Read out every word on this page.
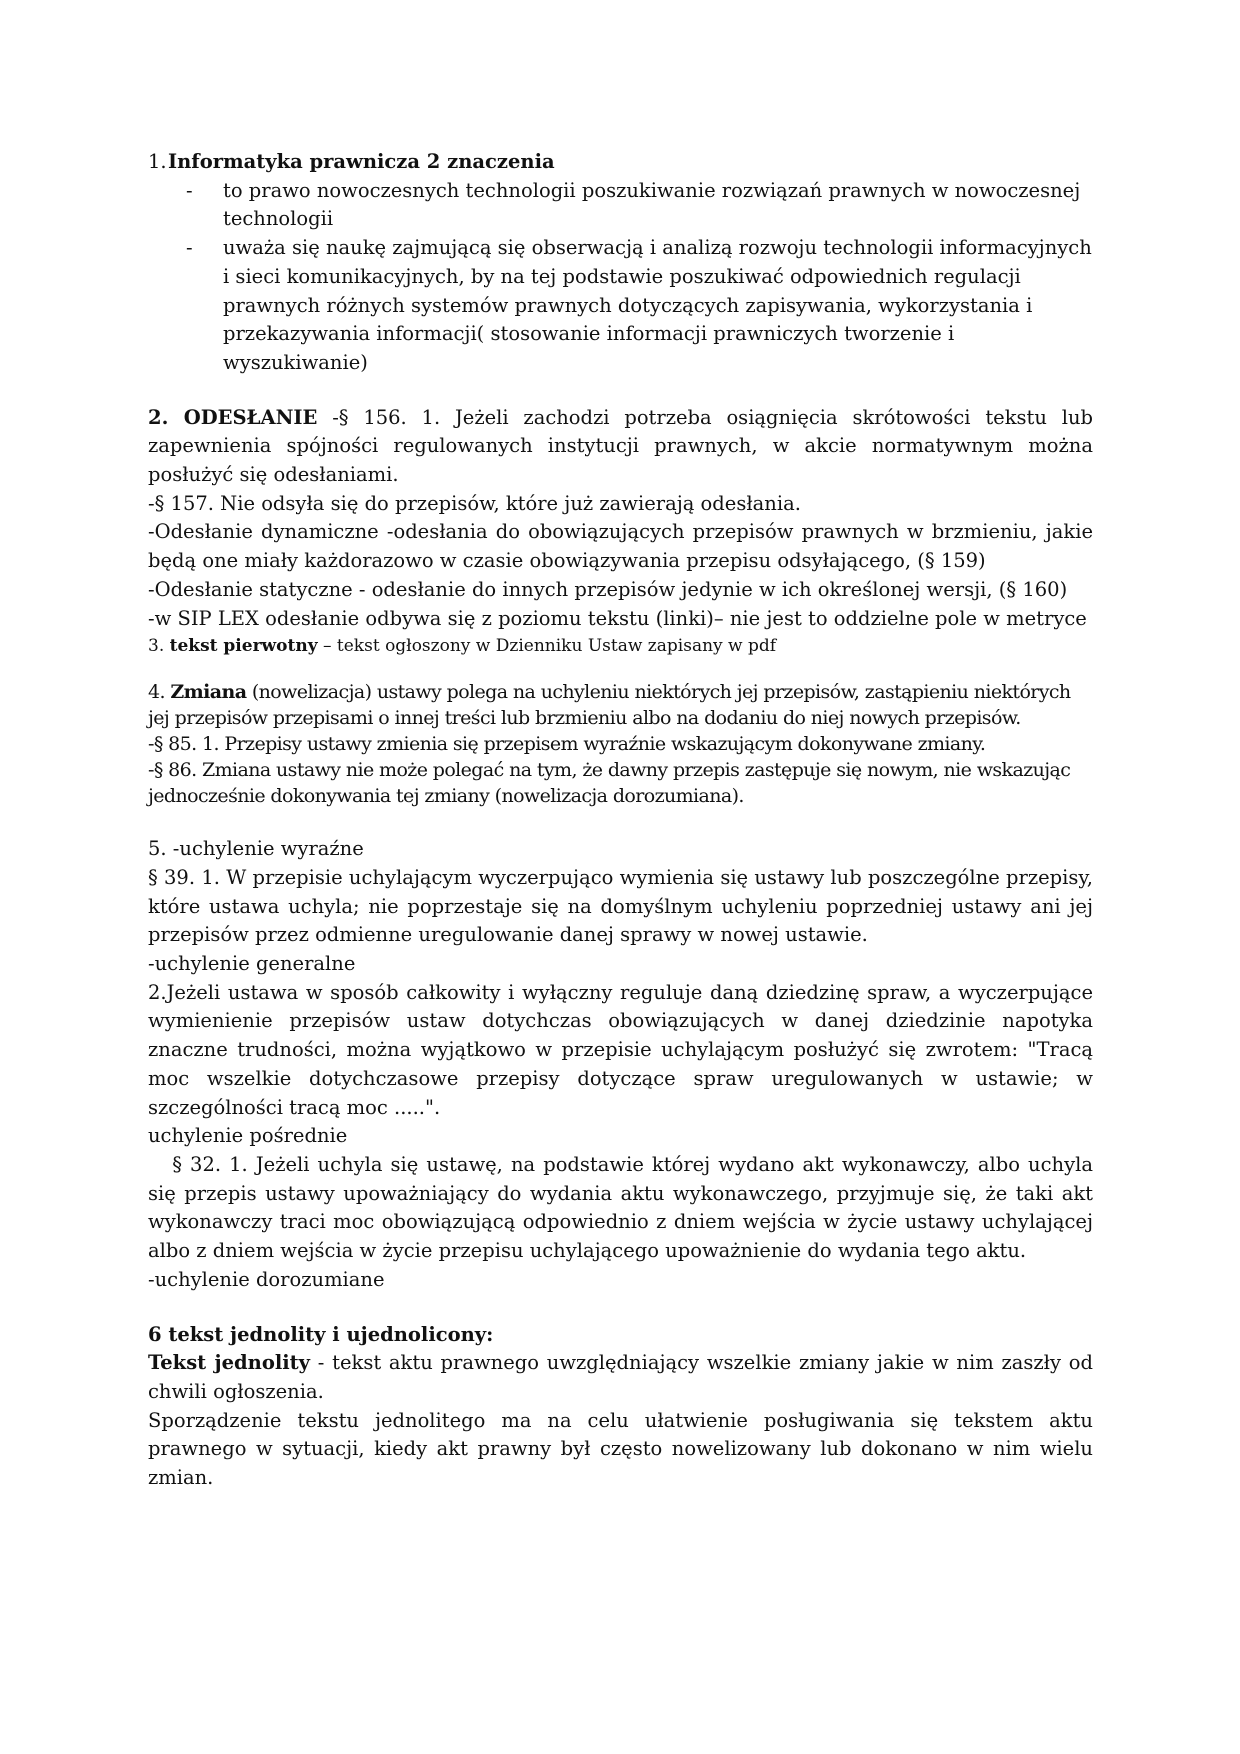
1. Informatyka prawnicza 2 znaczenia
- to prawo nowoczesnych technologii poszukiwanie rozwiązań prawnych w nowoczesnej technologii
- uważa się naukę zajmującą się obserwacją i analizą rozwoju technologii informacyjnych i sieci komunikacyjnych, by na tej podstawie poszukiwać odpowiednich regulacji prawnych różnych systemów prawnych dotyczących zapisywania, wykorzystania i przekazywania informacji( stosowanie informacji prawniczych tworzenie i wyszukiwanie)
2. ODESŁANIE -§ 156. 1. Jeżeli zachodzi potrzeba osiągnięcia skrótowości tekstu lub zapewnienia spójności regulowanych instytucji prawnych, w akcie normatywnym można posłużyć się odesłaniami.
-§ 157. Nie odsyła się do przepisów, które już zawierają odesłania.
-Odesłanie dynamiczne -odesłania do obowiązujących przepisów prawnych w brzmieniu, jakie będą one miały każdorazowo w czasie obowiązywania przepisu odsyłającego, (§ 159)
-Odesłanie statyczne - odesłanie do innych przepisów jedynie w ich określonej wersji, (§ 160)
-w SIP LEX odesłanie odbywa się z poziomu tekstu (linki)– nie jest to oddzielne pole w metryce
3. tekst pierwotny – tekst ogłoszony w Dzienniku Ustaw zapisany w pdf
4. Zmiana (nowelizacja) ustawy polega na uchyleniu niektórych jej przepisów, zastąpieniu niektórych jej przepisów przepisami o innej treści lub brzmieniu albo na dodaniu do niej nowych przepisów.
-§ 85. 1. Przepisy ustawy zmienia się przepisem wyraźnie wskazującym dokonywane zmiany.
-§ 86. Zmiana ustawy nie może polegać na tym, że dawny przepis zastępuje się nowym, nie wskazując jednocześnie dokonywania tej zmiany (nowelizacja dorozumiana).
5. -uchylenie wyraźne
§ 39. 1. W przepisie uchylającym wyczerpująco wymienia się ustawy lub poszczególne przepisy, które ustawa uchyla; nie poprzestaje się na domyślnym uchyleniu poprzedniej ustawy ani jej przepisów przez odmienne uregulowanie danej sprawy w nowej ustawie.
-uchylenie generalne
2.Jeżeli ustawa w sposób całkowity i wyłączny reguluje daną dziedzinę spraw, a wyczerpujące wymienienie przepisów ustaw dotychczas obowiązujących w danej dziedzinie napotyka znaczne trudności, można wyjątkowo w przepisie uchylającym posłużyć się zwrotem: "Tracą moc wszelkie dotychczasowe przepisy dotyczące spraw uregulowanych w ustawie; w szczególności tracą moc .....".
uchylenie pośrednie
§ 32. 1. Jeżeli uchyla się ustawę, na podstawie której wydano akt wykonawczy, albo uchyla się przepis ustawy upoważniający do wydania aktu wykonawczego, przyjmuje się, że taki akt wykonawczy traci moc obowiązującą odpowiednio z dniem wejścia w życie ustawy uchylającej albo z dniem wejścia w życie przepisu uchylającego upoważnienie do wydania tego aktu.
-uchylenie dorozumiane
6 tekst jednolity i ujednolicony:
Tekst jednolity - tekst aktu prawnego uwzględniający wszelkie zmiany jakie w nim zaszły od chwili ogłoszenia.
Sporządzenie tekstu jednolitego ma na celu ułatwienie posługiwania się tekstem aktu prawnego w sytuacji, kiedy akt prawny był często nowelizowany lub dokonano w nim wielu zmian.
